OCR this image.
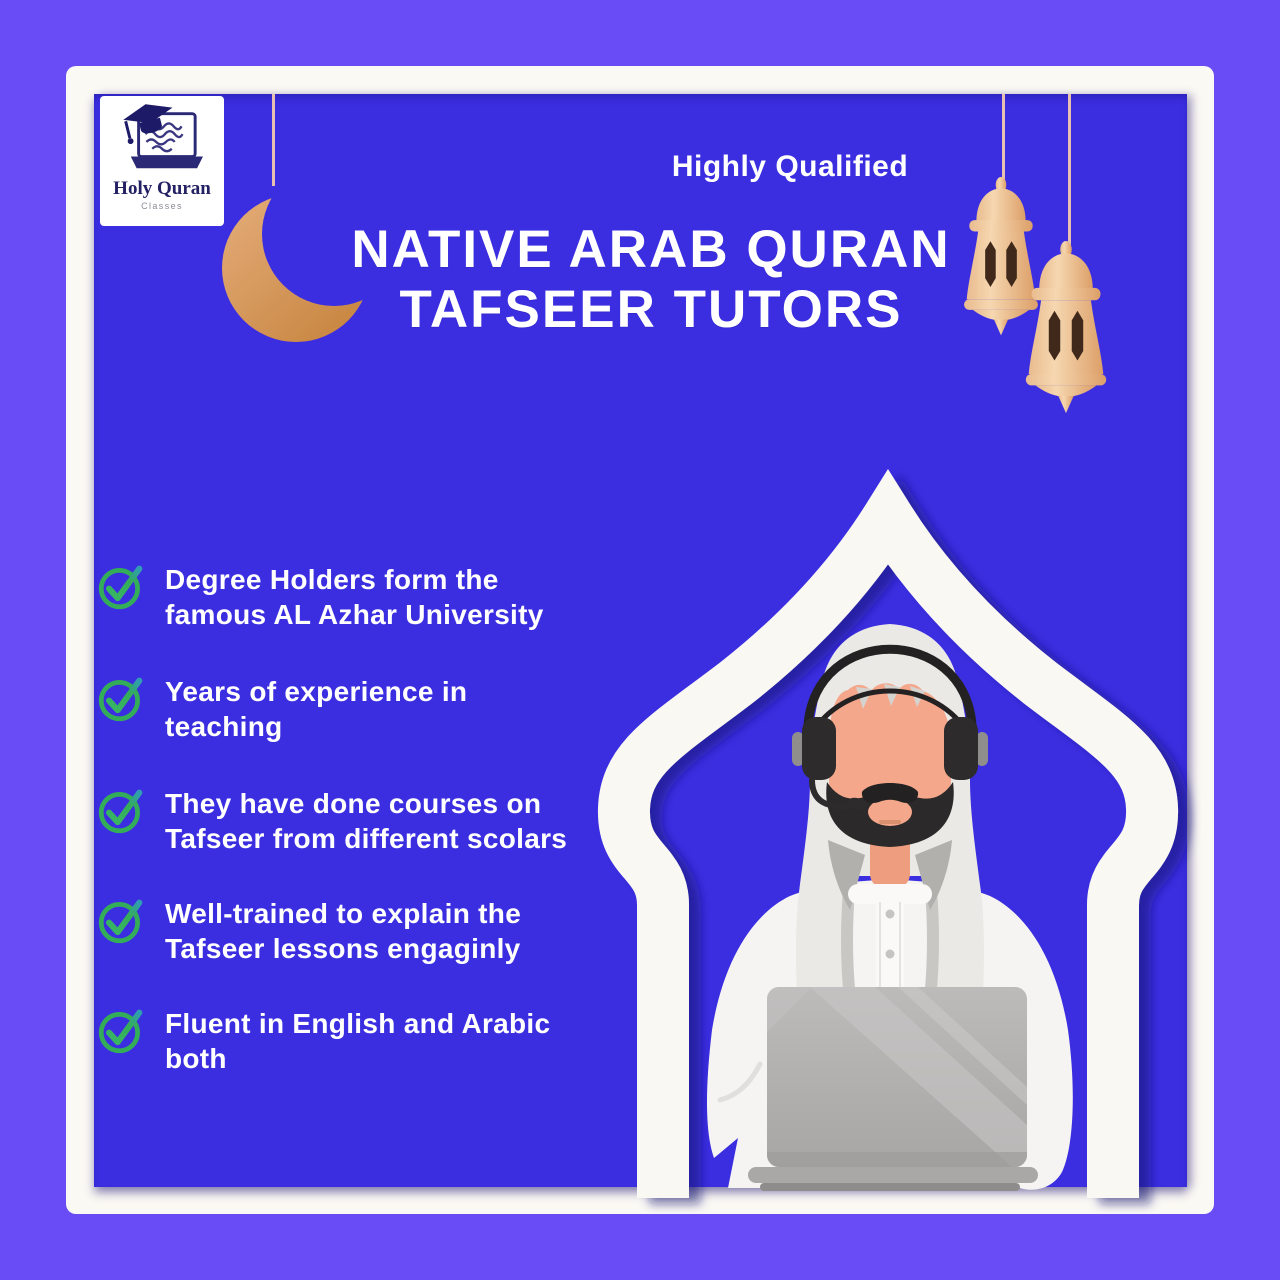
Holy Quran
Classes
Highly Qualified
NATIVE ARAB QURAN
TAFSEER TUTORS
Degree Holders form the
famous AL Azhar University
Years of experience in
teaching
They have done courses on
Tafseer from different scolars
Well-trained to explain the
Tafseer lessons engaginly
Fluent in English and Arabic
both
